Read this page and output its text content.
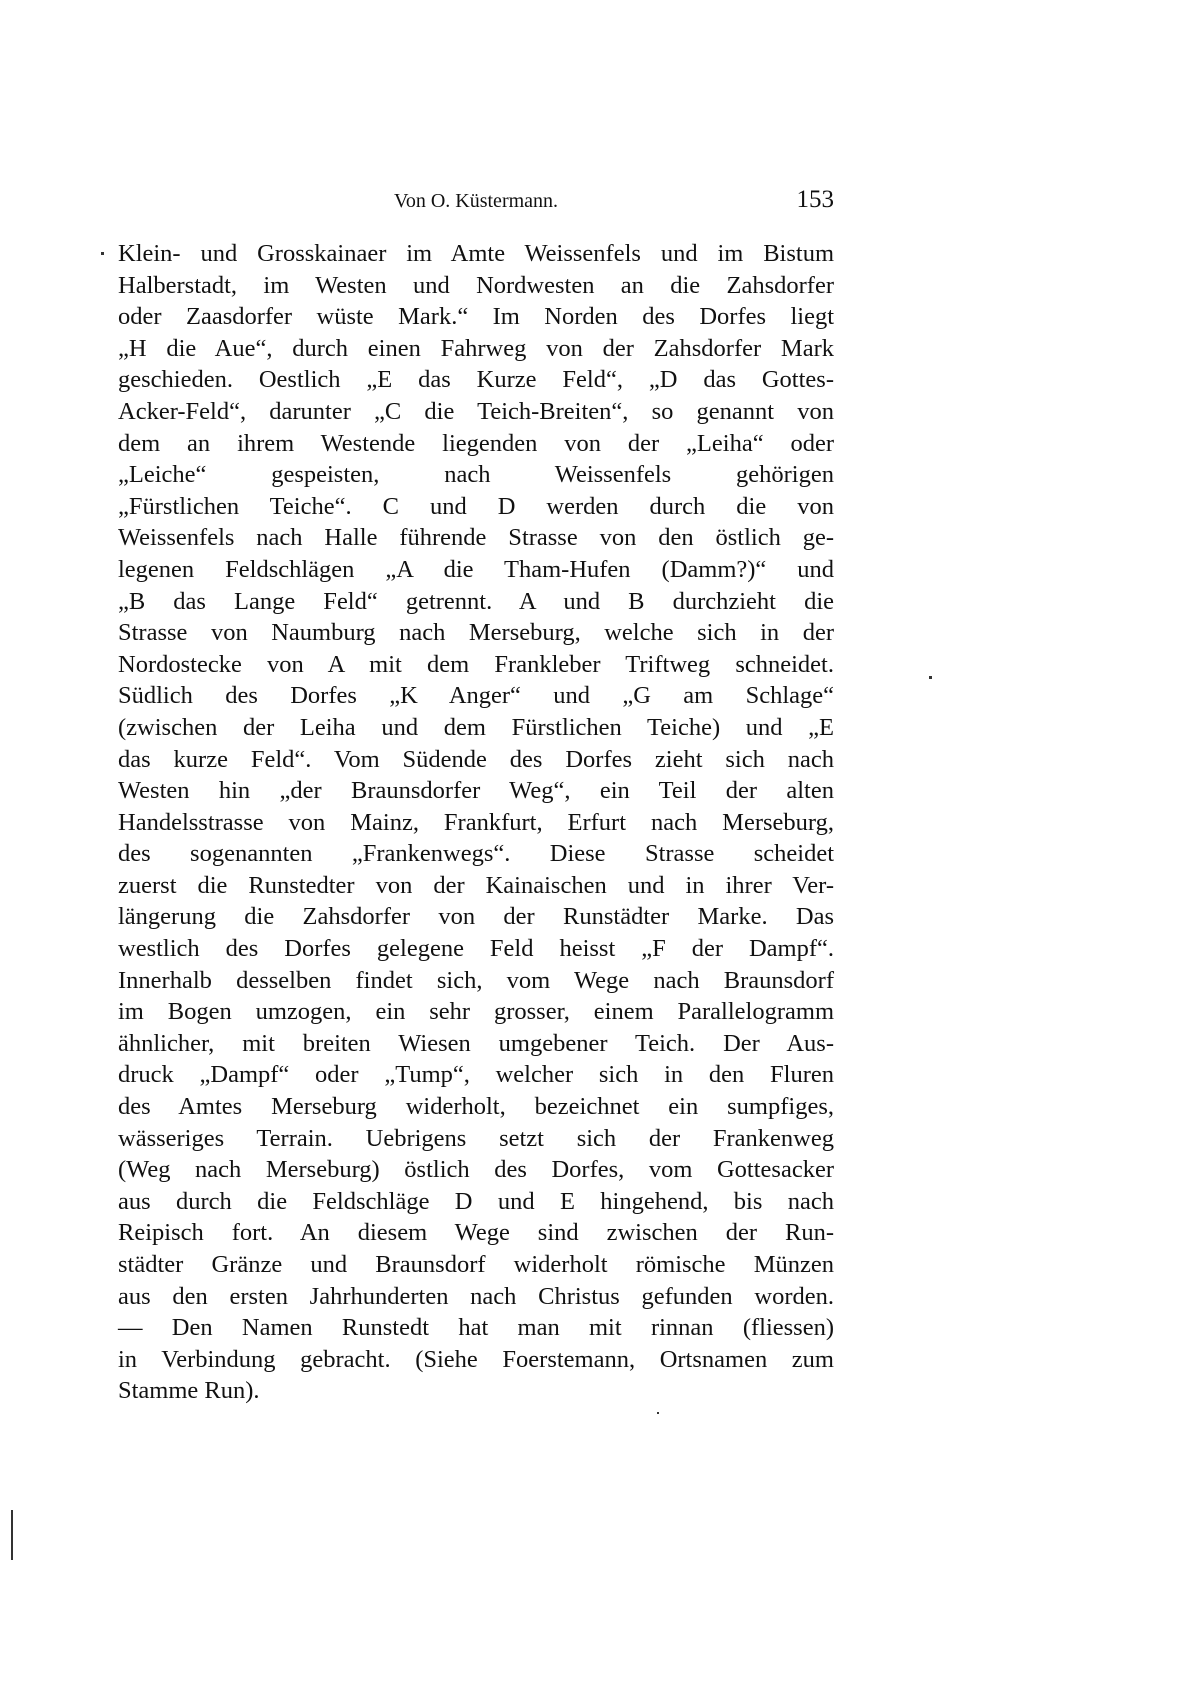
Von O. Küstermann.	153
Klein- und Grosskainaer im Amte Weissenfels und im Bistum
Halberstadt, im Westen und Nordwesten an die Zahsdorfer
oder Zaasdorfer wüste Mark.“ Im Norden des Dorfes liegt
„H die Aue“, durch einen Fahrweg von der Zahsdorfer Mark
geschieden. Oestlich „E das Kurze Feld“, „D das Gottes-
Acker-Feld“, darunter „C die Teich-Breiten“, so genannt von
dem an ihrem Westende liegenden von der „Leiha“ oder
„Leiche“ gespeisten, nach Weissenfels gehörigen
„Fürstlichen Teiche“. C und D werden durch die von
Weissenfels nach Halle führende Strasse von den östlich ge-
legenen Feldschlägen „A die Tham-Hufen (Damm?)“ und
„B das Lange Feld“ getrennt. A und B durchzieht die
Strasse von Naumburg nach Merseburg, welche sich in der
Nordostecke von A mit dem Frankleber Triftweg schneidet.
Südlich des Dorfes „K Anger“ und „G am Schlage“
(zwischen der Leiha und dem Fürstlichen Teiche) und „E
das kurze Feld“. Vom Südende des Dorfes zieht sich nach
Westen hin „der Braunsdorfer Weg“, ein Teil der alten
Handelsstrasse von Mainz, Frankfurt, Erfurt nach Merseburg,
des sogenannten „Frankenwegs“. Diese Strasse scheidet
zuerst die Runstedter von der Kainaischen und in ihrer Ver-
längerung die Zahsdorfer von der Runstädter Marke. Das
westlich des Dorfes gelegene Feld heisst „F der Dampf“.
Innerhalb desselben findet sich, vom Wege nach Braunsdorf
im Bogen umzogen, ein sehr grosser, einem Parallelogramm
ähnlicher, mit breiten Wiesen umgebener Teich. Der Aus-
druck „Dampf“ oder „Tump“, welcher sich in den Fluren
des Amtes Merseburg widerholt, bezeichnet ein sumpfiges,
wässeriges Terrain. Uebrigens setzt sich der Frankenweg
(Weg nach Merseburg) östlich des Dorfes, vom Gottesacker
aus durch die Feldschläge D und E hingehend, bis nach
Reipisch fort. An diesem Wege sind zwischen der Run-
städter Gränze und Braunsdorf widerholt römische Münzen
aus den ersten Jahrhunderten nach Christus gefunden worden.
— Den Namen Runstedt hat man mit rinnan (fliessen)
in Verbindung gebracht. (Siehe Foerstemann, Ortsnamen zum
Stamme Run).
